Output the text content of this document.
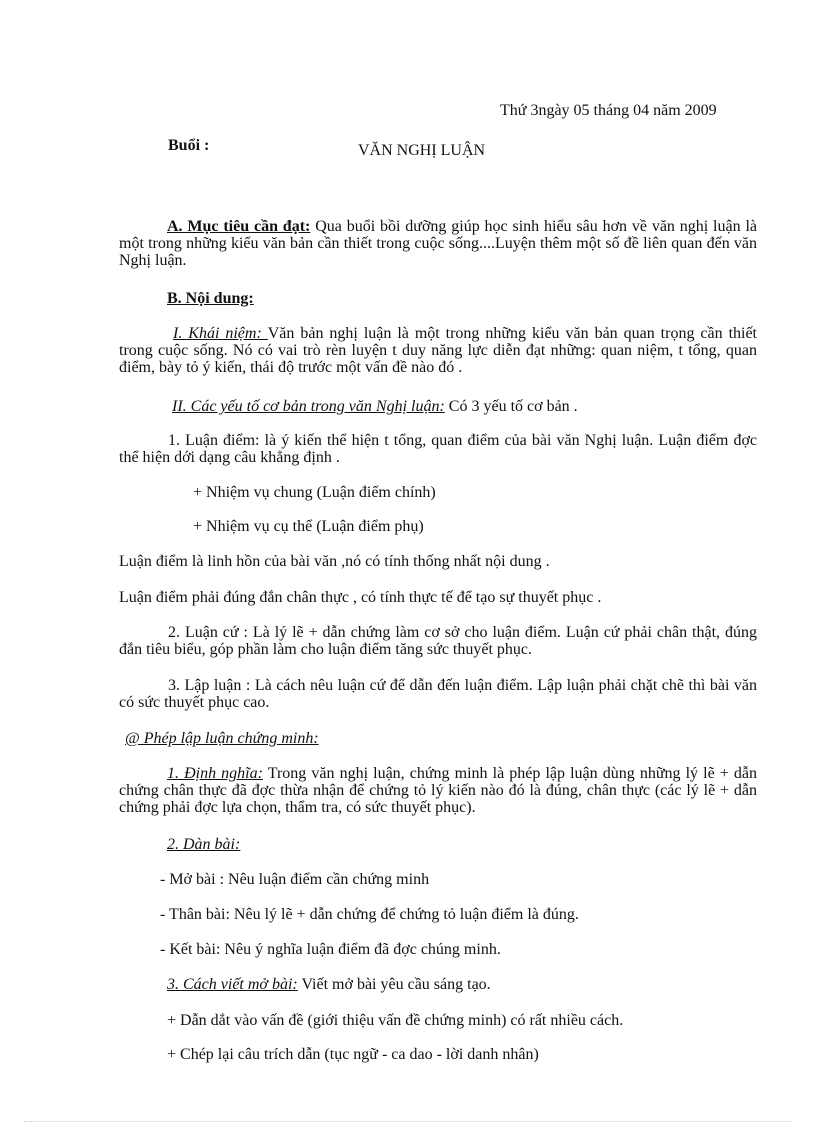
Thứ 3ngày 05 tháng 04 năm 2009
Buổi :	VĂN NGHỊ LUẬN
A. Mục tiêu cần đạt: Qua buổi bồi dưỡng giúp học sinh hiểu sâu hơn về văn nghị luận là một trong những kiểu văn bản cần thiết trong cuộc sống....Luyện thêm một số đề liên quan đến văn Nghị luận.
B. Nội dung:
I. Khái niệm: Văn bản nghị luận là một trong những kiểu văn bản quan trọng cần thiết trong cuộc sống. Nó có vai trò rèn luyện t duy năng lực diễn đạt những: quan niệm, t tổng, quan điểm, bày tỏ ý kiến, thái độ trước một vấn đề nào đó .
II. Các yếu tố cơ bản trong văn Nghị luận: Có 3 yếu tố cơ bản .
1. Luận điểm: là ý kiến thể hiện t tổng, quan điểm của bài văn Nghị luận. Luận điểm đợc thể hiện dới dạng câu khẳng định .
+ Nhiệm vụ chung (Luận điểm chính)
+ Nhiệm vụ cụ thể (Luận điểm phụ)
Luận điểm là linh hồn của bài văn ,nó có tính thống nhất nội dung .
Luận điểm phải đúng đắn chân thực , có tính thực tế để tạo sự thuyết phục .
2. Luận cứ : Là lý lẽ + dẫn chứng làm cơ sở cho luận điểm. Luận cứ phải chân thật, đúng đắn tiêu biểu, góp phần làm cho luận điểm tăng sức thuyết phục.
3. Lập luận : Là cách nêu luận cứ để dẫn đến luận điểm. Lập luận phải chặt chẽ thì bài văn có sức thuyết phục cao.
@ Phép lập luận chứng minh:
1. Định nghĩa: Trong văn nghị luận, chứng minh là phép lập luận dùng những lý lẽ + dẫn chứng chân thực đã đợc thừa nhận để chứng tỏ lý kiến nào đó là đúng, chân thực (các lý lẽ + dẫn chứng phải đợc lựa chọn, thẩm tra, có sức thuyết phục).
2. Dàn bài:
- Mở bài : Nêu luận điểm cần chứng minh
- Thân bài: Nêu lý lẽ + dẫn chứng để chứng tỏ luận điểm là đúng.
- Kết bài: Nêu ý nghĩa luận điểm đã đợc chúng minh.
3. Cách viết mở bài: Viết mở bài yêu cầu sáng tạo.
+ Dẫn dắt vào vấn đề (giới thiệu vấn đề chứng minh) có rất nhiều cách.
+ Chép lại câu trích dẫn (tục ngữ - ca dao - lời danh nhân)
